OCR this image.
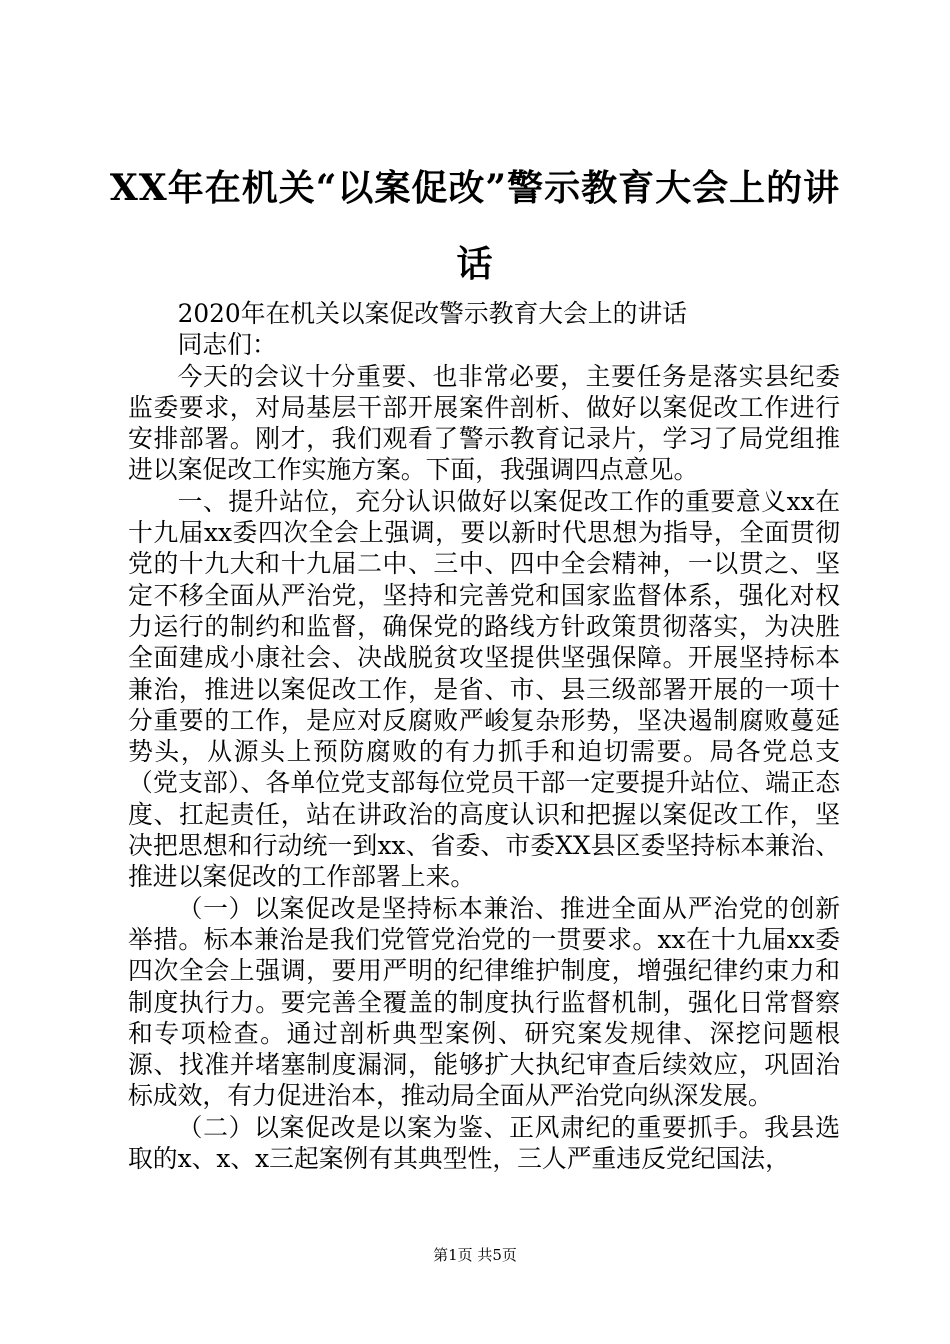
XX年在机关“以案促改”警示教育大会上的讲话

2020年在机关以案促改警示教育大会上的讲话

同志们：

今天的会议十分重要、也非常必要，主要任务是落实县纪委监委要求，对局基层干部开展案件剖析、做好以案促改工作进行安排部署。刚才，我们观看了警示教育记录片，学习了局党组推进以案促改工作实施方案。下面，我强调四点意见。

一、提升站位，充分认识做好以案促改工作的重要意义xx在十九届xx委四次全会上强调，要以新时代思想为指导，全面贯彻党的十九大和十九届二中、三中、四中全会精神，一以贯之、坚定不移全面从严治党，坚持和完善党和国家监督体系，强化对权力运行的制约和监督，确保党的路线方针政策贯彻落实，为决胜全面建成小康社会、决战脱贫攻坚提供坚强保障。开展坚持标本兼治，推进以案促改工作，是省、市、县三级部署开展的一项十分重要的工作，是应对反腐败严峻复杂形势，坚决遏制腐败蔓延势头，从源头上预防腐败的有力抓手和迫切需要。局各党总支（党支部）、各单位党支部每位党员干部一定要提升站位、端正态度、扛起责任，站在讲政治的高度认识和把握以案促改工作，坚决把思想和行动统一到xx、省委、市委XX县区委坚持标本兼治、推进以案促改的工作部署上来。

（一）以案促改是坚持标本兼治、推进全面从严治党的创新举措。标本兼治是我们党管党治党的一贯要求。xx在十九届xx委四次全会上强调，要用严明的纪律维护制度，增强纪律约束力和制度执行力。要完善全覆盖的制度执行监督机制，强化日常督察和专项检查。通过剖析典型案例、研究案发规律、深挖问题根源、找准并堵塞制度漏洞，能够扩大执纪审查后续效应，巩固治标成效，有力促进治本，推动局全面从严治党向纵深发展。

（二）以案促改是以案为鉴、正风肃纪的重要抓手。我县选取的x、x、x三起案例有其典型性，三人严重违反党纪国法，

第1页 共5页
